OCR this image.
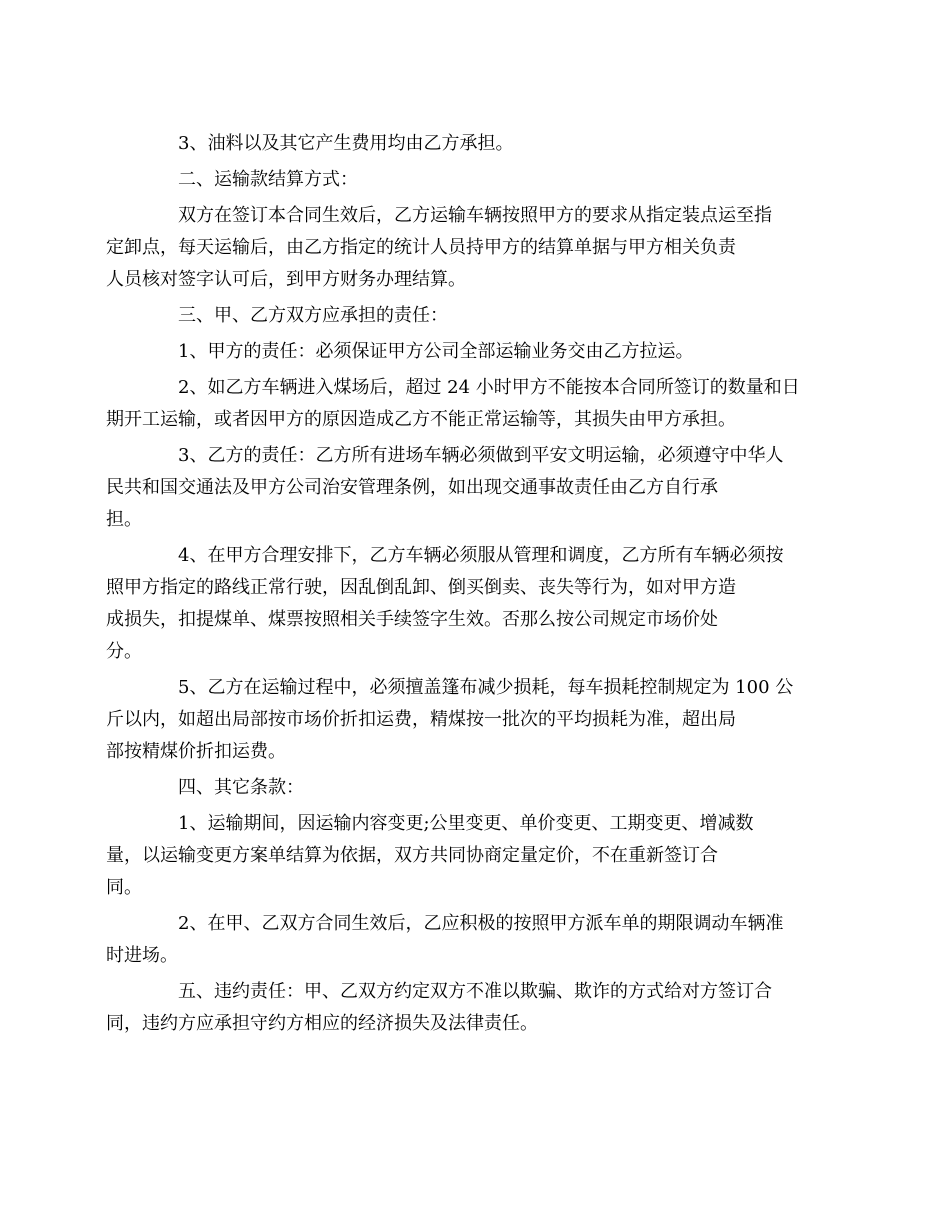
3、油料以及其它产生费用均由乙方承担。

二、运输款结算方式：

双方在签订本合同生效后，乙方运输车辆按照甲方的要求从指定装点运至指
定卸点，每天运输后，由乙方指定的统计人员持甲方的结算单据与甲方相关负责
人员核对签字认可后，到甲方财务办理结算。

三、甲、乙方双方应承担的责任：

1、甲方的责任：必须保证甲方公司全部运输业务交由乙方拉运。

2、如乙方车辆进入煤场后，超过 24 小时甲方不能按本合同所签订的数量和日
期开工运输，或者因甲方的原因造成乙方不能正常运输等，其损失由甲方承担。

3、乙方的责任：乙方所有进场车辆必须做到平安文明运输，必须遵守中华人
民共和国交通法及甲方公司治安管理条例，如出现交通事故责任由乙方自行承
担。

4、在甲方合理安排下，乙方车辆必须服从管理和调度，乙方所有车辆必须按
照甲方指定的路线正常行驶，因乱倒乱卸、倒买倒卖、丧失等行为，如对甲方造
成损失，扣提煤单、煤票按照相关手续签字生效。否那么按公司规定市场价处
分。

5、乙方在运输过程中，必须擅盖篷布减少损耗，每车损耗控制规定为 100 公
斤以内，如超出局部按市场价折扣运费，精煤按一批次的平均损耗为准，超出局
部按精煤价折扣运费。

四、其它条款：

1、运输期间，因运输内容变更;公里变更、单价变更、工期变更、增减数
量，以运输变更方案单结算为依据，双方共同协商定量定价，不在重新签订合
同。

2、在甲、乙双方合同生效后，乙应积极的按照甲方派车单的期限调动车辆准
时进场。

五、违约责任：甲、乙双方约定双方不准以欺骗、欺诈的方式给对方签订合
同，违约方应承担守约方相应的经济损失及法律责任。
